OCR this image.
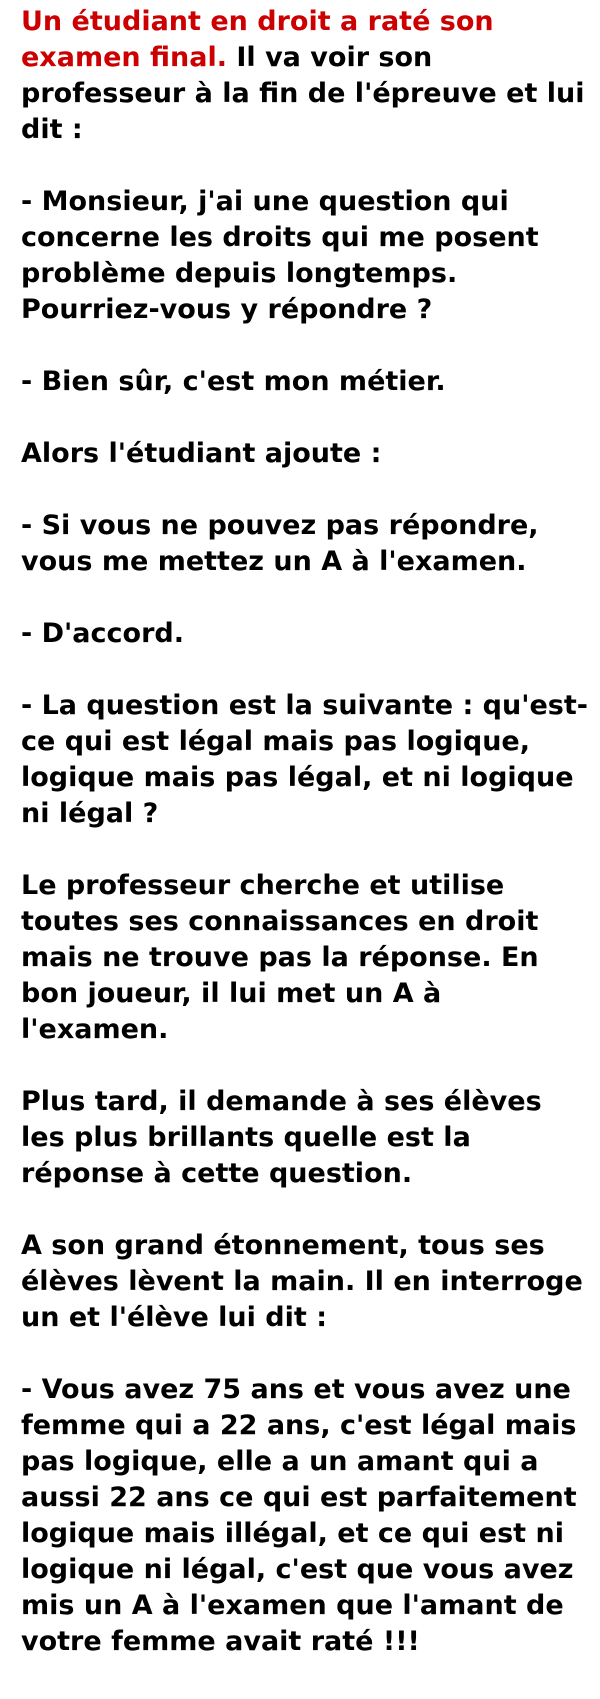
Un étudiant en droit a raté son examen final. Il va voir son professeur à la fin de l'épreuve et lui dit :

- Monsieur, j'ai une question qui concerne les droits qui me posent problème depuis longtemps. Pourriez-vous y répondre ?

- Bien sûr, c'est mon métier.

Alors l'étudiant ajoute :

- Si vous ne pouvez pas répondre, vous me mettez un A à l'examen.

- D'accord.

- La question est la suivante : qu'est-ce qui est légal mais pas logique, logique mais pas légal, et ni logique ni légal ?

Le professeur cherche et utilise toutes ses connaissances en droit mais ne trouve pas la réponse. En bon joueur, il lui met un A à l'examen.

Plus tard, il demande à ses élèves les plus brillants quelle est la réponse à cette question.

A son grand étonnement, tous ses élèves lèvent la main. Il en interroge un et l'élève lui dit :

- Vous avez 75 ans et vous avez une femme qui a 22 ans, c'est légal mais pas logique, elle a un amant qui a aussi 22 ans ce qui est parfaitement logique mais illégal, et ce qui est ni logique ni légal, c'est que vous avez mis un A à l'examen que l'amant de votre femme avait raté !!!
